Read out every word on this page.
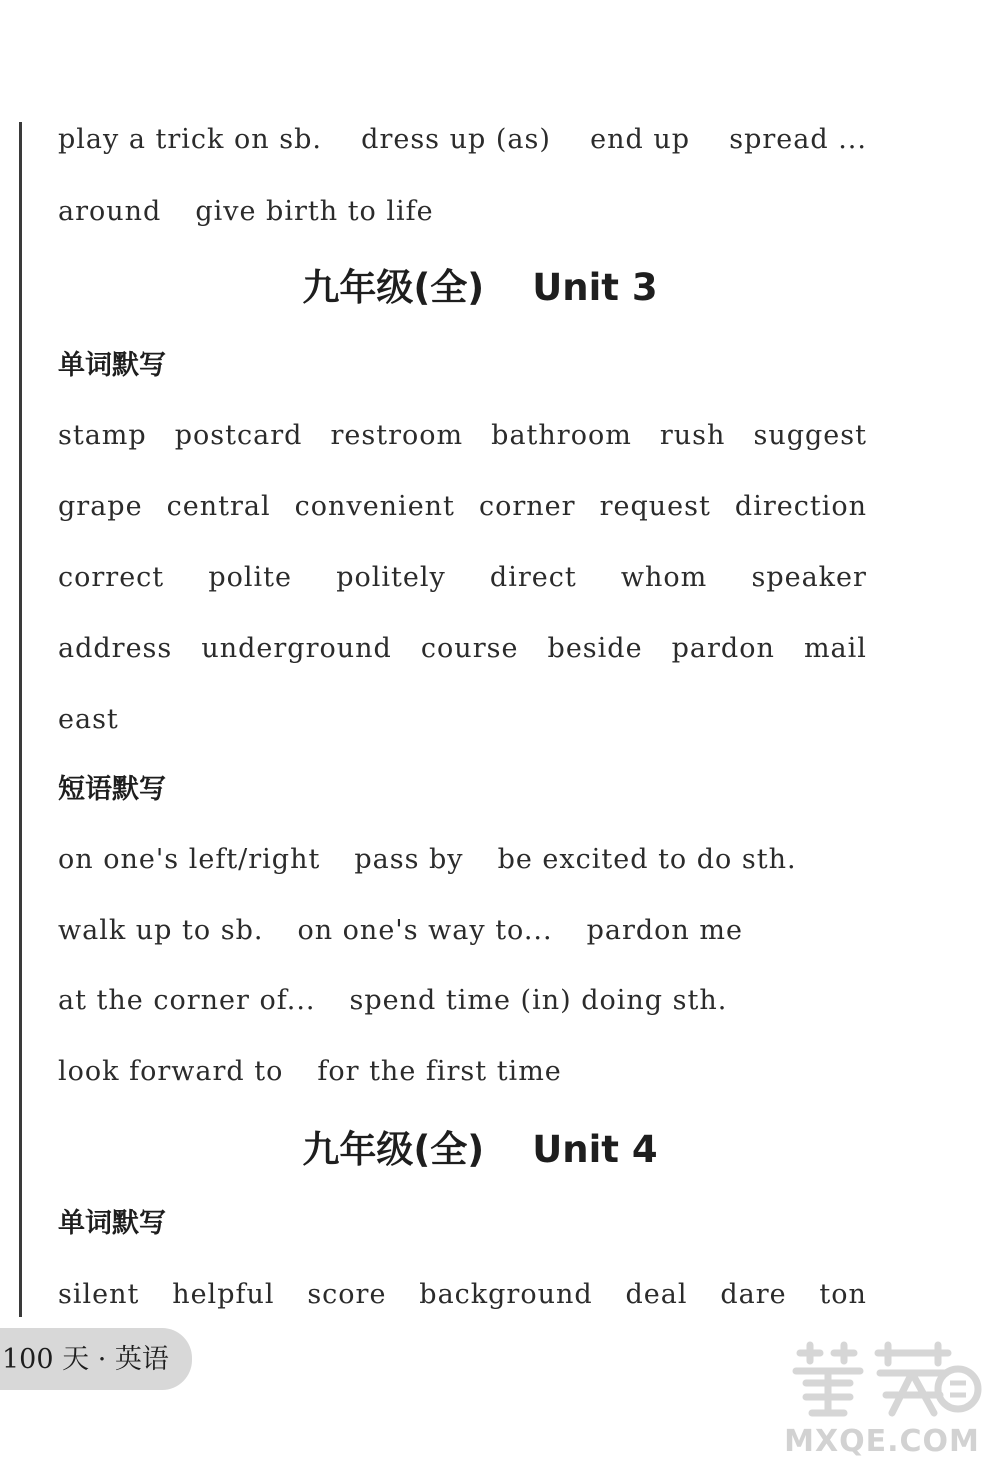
play a trick on sb. dress up (as) end up spread ...
around give birth to life
九年级(全) Unit 3
单词默写
stamp postcard restroom bathroom rush suggest
grape central convenient corner request direction
correct polite politely direct whom speaker
address underground course beside pardon mail
east
短语默写
on one's left/right pass by be excited to do sth.
walk up to sb. on one's way to... pardon me
at the corner of... spend time (in) doing sth.
look forward to for the first time
九年级(全) Unit 4
单词默写
silent helpful score background deal dare ton
100 天 · 英语
MXQE.COM
